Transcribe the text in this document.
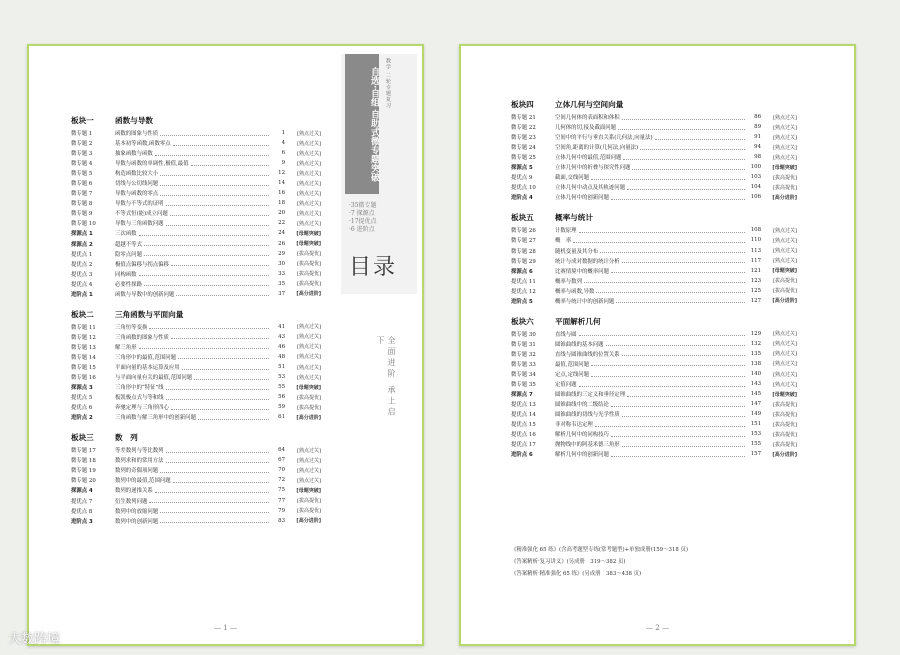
板块一	函数与导数
微专题 1	函数的图象与性质	1	[熟点过关]
微专题 2	基本初等函数,函数零点	4	[熟点过关]
微专题 3	抽象函数与函数	6	[熟点过关]
微专题 4	导数与函数的单调性,极值,最值	9	[熟点过关]
微专题 5	构造函数比较大小	12	[熟点过关]
微专题 6	切线与公切线问题	14	[熟点过关]
微专题 7	导数与函数的零点	16	[熟点过关]
微专题 8	导数与不等式的证明	18	[熟点过关]
微专题 9	不等式恒(能)成立问题	20	[熟点过关]
微专题 10	导数与三角函数问题	22	[熟点过关]
探源点 1	三次函数	24	[母题突破]
探源点 2	超越不等式	26	[母题突破]
提优点 1	隐零点问题	29	[拔高提优]
提优点 2	极值点偏移与拐点偏移	30	[拔高提优]
提优点 3	同构函数	33	[拔高提优]
提优点 4	必要性探路	35	[拔高提优]
进阶点 1	函数与导数中的创新问题	37	[高分进阶]
板块二	三角函数与平面向量
微专题 11	三角恒等变换	41	[熟点过关]
微专题 12	三角函数的图象与性质	43	[熟点过关]
微专题 13	解三角形	46	[熟点过关]
微专题 14	三角形中的最值,范围问题	48	[熟点过关]
微专题 15	平面向量的基本运算及应用	51	[熟点过关]
微专题 16	与平面向量有关的最值,范围问题	53	[熟点过关]
探源点 3	三角形中的“特征”线	55	[母题突破]
提优点 5	板凯极点式与等和线	56	[拔高提优]
提优点 6	奔驰定理与三角形四心	59	[拔高提优]
进阶点 2	三角函数与解三角形中的创新问题	61	[高分进阶]
板块三	数　列
微专题 17	等差数列与等比数列	64	[熟点过关]
微专题 18	数列求和的常用方法	67	[熟点过关]
微专题 19	数列的奇偶项问题	70	[熟点过关]
微专题 20	数列中的最值,范围问题	72	[熟点过关]
探源点 4	数列的递推关系	75	[母题突破]
提优点 7	衍生数列问题	77	[拔高提优]
提优点 8	数列中的放缩问题	79	[拔高提优]
进阶点 3	数列中的创新问题	83	[高分进阶]
自选·自组 自助式微专题突破 数学 二轮专题复习
·35微专题
·7 探源点
·17提优点
·6 进阶点
目录
全面进阶 承上启下
— 1 —
板块四	立体几何与空间向量
微专题 21	空间几何体的表面积和体积	86	[熟点过关]
微专题 22	几何体的切,接及截面问题	89	[熟点过关]
微专题 23	空间中的平行与垂直关系(几何法,向量法)	91	[熟点过关]
微专题 24	空间角,距离的计算(几何法,向量法)	94	[熟点过关]
微专题 25	立体几何中的最值,范围问题	98	[熟点过关]
探源点 5	立体几何中的折叠与探究性问题	100	[母题突破]
提优点 9	截面,交线问题	103	[拔高提优]
提优点 10	立体几何中动点及其轨迹问题	104	[拔高提优]
进阶点 4	立体几何中的创新问题	106	[高分进阶]
板块五	概率与统计
微专题 26	计数原理	108	[熟点过关]
微专题 27	概　率	110	[熟点过关]
微专题 28	随机变量及其分布	113	[熟点过关]
微专题 29	统计与成对数据的统计分析	117	[熟点过关]
探源点 6	比赛情境中的概率问题	121	[母题突破]
提优点 11	概率与数列	123	[拔高提优]
提优点 12	概率与函数,导数	125	[拔高提优]
进阶点 5	概率与统计中的创新问题	127	[高分进阶]
板块六	平面解析几何
微专题 30	直线与圆	129	[熟点过关]
微专题 31	圆锥曲线的基本问题	132	[熟点过关]
微专题 32	直线与圆锥曲线的位置关系	135	[熟点过关]
微专题 33	最值,范围问题	138	[熟点过关]
微专题 34	定点,定线问题	140	[熟点过关]
微专题 35	定值问题	143	[熟点过关]
探源点 7	圆锥曲线的三定义和垂径定理	145	[母题突破]
提优点 13	圆锥曲线中的二级结论	147	[拔高提优]
提优点 14	圆锥曲线的切线与光学性质	149	[拔高提优]
提优点 15	非对称韦达定理	151	[拔高提优]
提优点 16	解析几何中的同构技巧	153	[拔高提优]
提优点 17	抛物线中的阿基米德三角形	155	[拔高提优]
进阶点 6	解析几何中的创新问题	157	[高分进阶]
《精准强化 65 练》(含高考题型专练(常考题型)+单独成册(159～318 页)
《答案精析·复习讲义》(另成册　319～382 页)
《答案精析·精准强化 65 练》(另成册　383～438 页)
— 2 —
大数跨境
